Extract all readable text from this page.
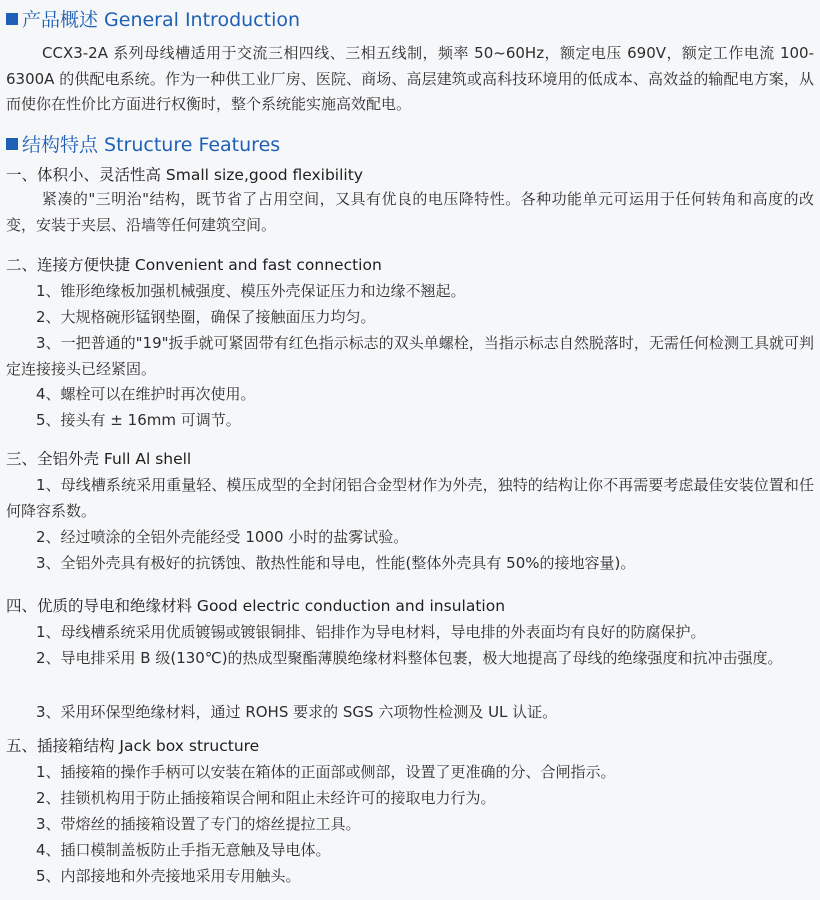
产品概述 General Introduction

CCX3-2A 系列母线槽适用于交流三相四线、三相五线制，频率 50~60Hz，额定电压 690V，额定工作电流 100-6300A 的供配电系统。作为一种供工业厂房、医院、商场、高层建筑或高科技环境用的低成本、高效益的输配电方案，从而使你在性价比方面进行权衡时，整个系统能实施高效配电。

结构特点 Structure Features
一、体积小、灵活性高 Small size,good flexibility

紧凑的"三明治"结构，既节省了占用空间，又具有优良的电压降特性。各种功能单元可运用于任何转角和高度的改变，安装于夹层、沿墙等任何建筑空间。

二、连接方便快捷 Convenient and fast connection

1、锥形绝缘板加强机械强度、模压外壳保证压力和边缘不翘起。

2、大规格碗形锰钢垫圈，确保了接触面压力均匀。

3、一把普通的"19"扳手就可紧固带有红色指示标志的双头单螺栓，当指示标志自然脱落时，无需任何检测工具就可判定连接接头已经紧固。

4、螺栓可以在维护时再次使用。

5、接头有 ± 16mm 可调节。

三、全铝外壳 Full Al shell

1、母线槽系统采用重量轻、模压成型的全封闭铝合金型材作为外壳，独特的结构让你不再需要考虑最佳安装位置和任何降容系数。

2、经过喷涂的全铝外壳能经受 1000 小时的盐雾试验。

3、全铝外壳具有极好的抗锈蚀、散热性能和导电，性能(整体外壳具有 50%的接地容量)。

四、优质的导电和绝缘材料 Good electric conduction and insulation

1、母线槽系统采用优质镀锡或镀银铜排、铝排作为导电材料，导电排的外表面均有良好的防腐保护。

2、导电排采用 B 级(130℃)的热成型聚酯薄膜绝缘材料整体包裹，极大地提高了母线的绝缘强度和抗冲击强度。

3、采用环保型绝缘材料，通过 ROHS 要求的 SGS 六项物性检测及 UL 认证。

五、插接箱结构 Jack box structure

1、插接箱的操作手柄可以安装在箱体的正面部或侧部，设置了更准确的分、合闸指示。

2、挂锁机构用于防止插接箱误合闸和阻止未经许可的接取电力行为。

3、带熔丝的插接箱设置了专门的熔丝提拉工具。

4、插口模制盖板防止手指无意触及导电体。

5、内部接地和外壳接地采用专用触头。
